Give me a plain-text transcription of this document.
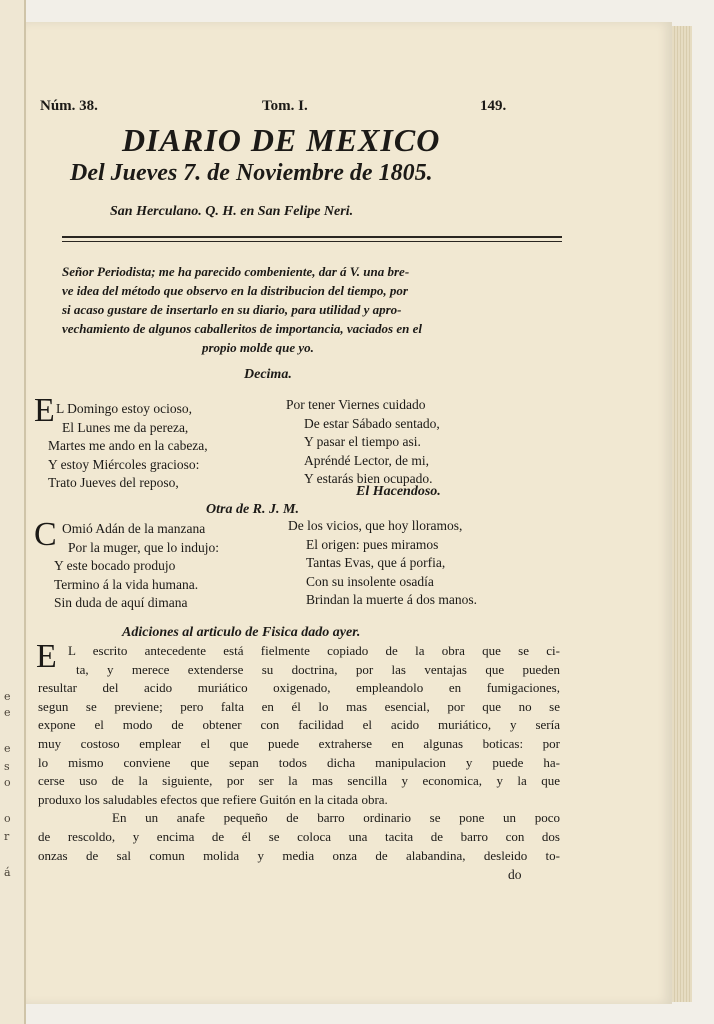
e
e
e
s
o
o
r
á
Núm. 38.	Tom. I.	149.
DIARIO DE MEXICO
Del Jueves 7. de Noviembre de 1805.
San Herculano. Q. H. en San Felipe Neri.
Señor Periodista; me ha parecido combeniente, dar á V. una bre-
ve idea del método que observo en la distribucion del tiempo, por
si acaso gustare de insertarlo en su diario, para utilidad y apro-
vechamiento de algunos caballeritos de importancia, vaciados en el
propio molde que yo.
Decima.
E L Domingo estoy ocioso,
El Lunes me da pereza,
Martes me ando en la cabeza,
Y estoy Miércoles gracioso:
Trato Jueves del reposo,
Por tener Viernes cuidado
De estar Sábado sentado,
Y pasar el tiempo asi.
Apréndé Lector, de mi,
Y estarás bien ocupado.
El Hacendoso.
Otra de R. J. M.
C Omió Adán de la manzana
Por la muger, que lo indujo:
Y este bocado produjo
Termino á la vida humana.
Sin duda de aquí dimana
De los vicios, que hoy lloramos,
El origen: pues miramos
Tantas Evas, que á porfia,
Con su insolente osadía
Brindan la muerte á dos manos.
Adiciones al articulo de Fisica dado ayer.
E L escrito antecedente está fielmente copiado de la obra que se ci-
ta, y merece extenderse su doctrina, por las ventajas que pueden
resultar del acido muriático oxigenado, empleandolo en fumigaciones,
segun se previene; pero falta en él lo mas esencial, por que no se
expone el modo de obtener con facilidad el acido muriático, y sería
muy costoso emplear el que puede extraherse en algunas boticas: por
lo mismo conviene que sepan todos dicha manipulacion y puede ha-
cerse uso de la siguiente, por ser la mas sencilla y economica, y la que
produxo los saludables efectos que refiere Guitón en la citada obra.
En un anafe pequeño de barro ordinario se pone un poco
de rescoldo, y encima de él se coloca una tacita de barro con dos
onzas de sal comun molida y media onza de alabandina, desleido to-
do
